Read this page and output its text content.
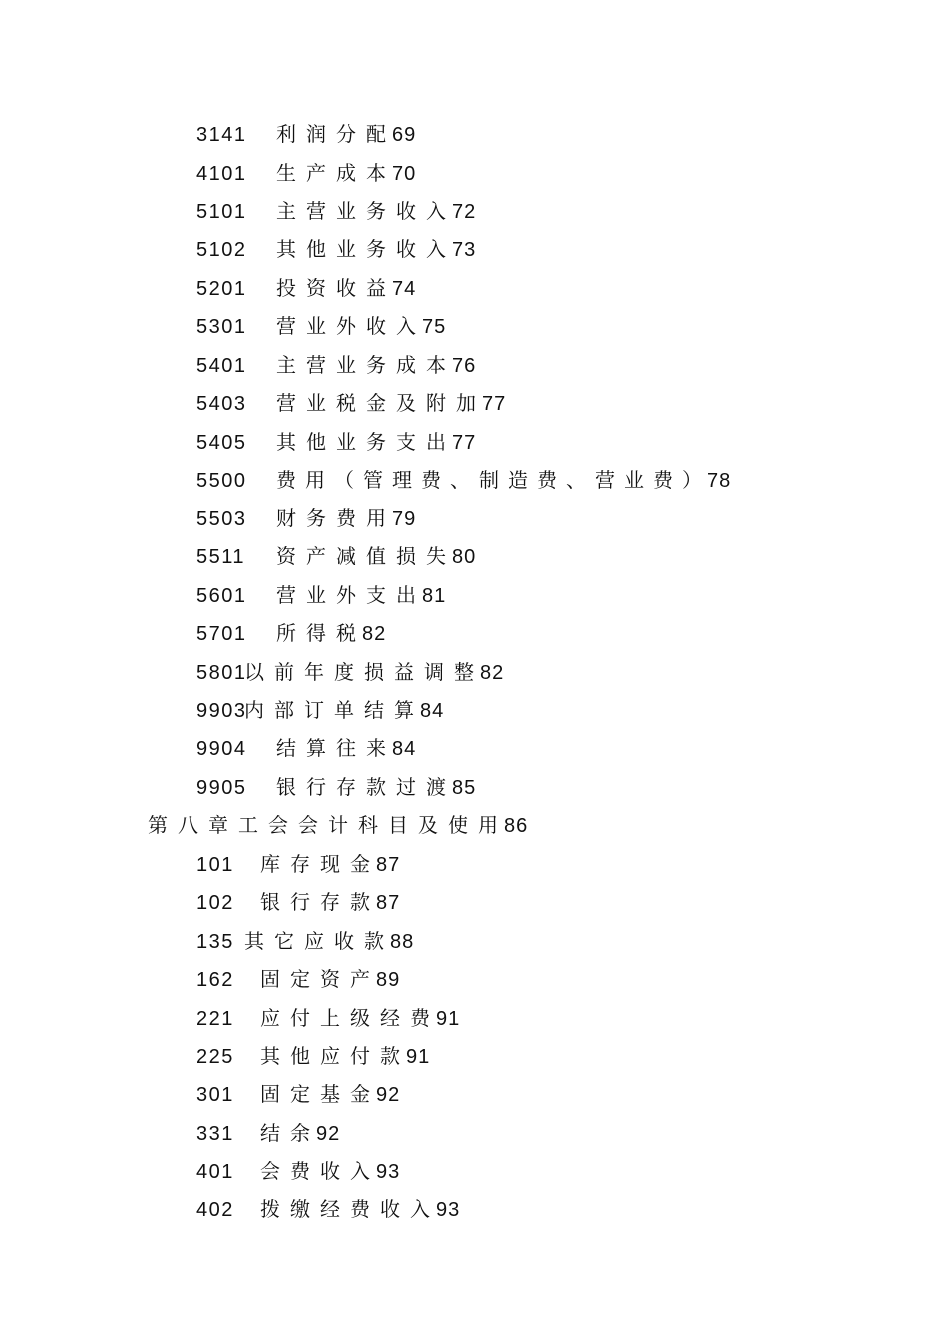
3141 利润分配69
4101 生产成本70
5101 主营业务收入72
5102 其他业务收入73
5201 投资收益74
5301 营业外收入75
5401 主营业务成本76
5403 营业税金及附加77
5405 其他业务支出77
5500 费用（管理费、制造费、营业费）78
5503 财务费用79
5511 资产减值损失80
5601 营业外支出81
5701 所得税82
5801以前年度损益调整82
9903内部订单结算84
9904 结算往来84
9905 银行存款过渡85
第八章工会会计科目及使用86
101 库存现金87
102 银行存款87
135 其它应收款88
162 固定资产89
221 应付上级经费91
225 其他应付款91
301 固定基金92
331 结余92
401 会费收入93
402 拨缴经费收入93
